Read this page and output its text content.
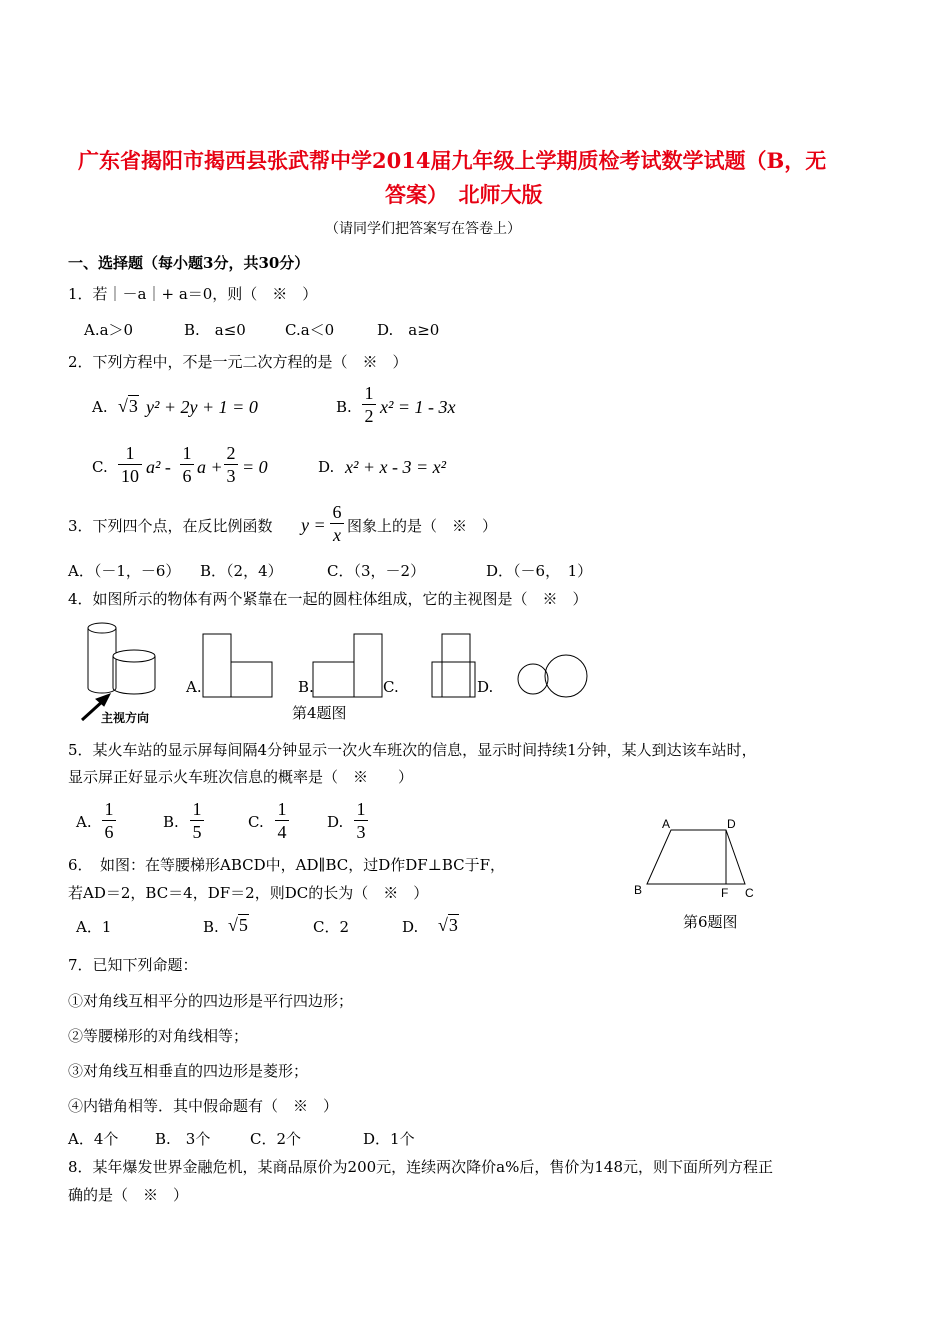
广东省揭阳市揭西县张武帮中学2014届九年级上学期质检考试数学试题（B，无
答案）　北师大版
（请同学们把答案写在答卷上）
一、选择题（每小题3分，共30分）
1．若｜－a｜+ a＝0，则（　※　）
A.a＞0	B.　a≤0	C.a＜0	D.　a≥0
2．下列方程中，不是一元二次方程的是（　※　）
A. √3 y² + 2y + 1 = 0	B.
1
2 x² = 1 - 3x
C.
1
10 a² -
1
6 a +
2
3 = 0	D. x² + x - 3 = x²
3．下列四个点，在反比例函数 y =
6
x 图象上的是（　※　）
A．（－1，－6） B．（2，4）	C．（3，－2）	D．（－6，　1）
4．如图所示的物体有两个紧靠在一起的圆柱体组成，它的主视图是（　※　）
A.	B.	C.	D.
主视方向	第4题图
5．某火车站的显示屏每间隔4分钟显示一次火车班次的信息，显示时间持续1分钟，某人到达该车站时，
显示屏正好显示火车班次信息的概率是（　※　　）
A.
1
6	B.
1
5	C.
1
4	D.
1
3
6．　如图：在等腰梯形ABCD中，AD∥BC，过D作DF⊥BC于F，
若AD＝2，BC＝4，DF＝2，则DC的长为（　※　）
A．1	B. √5	C．2	D. √3
A	D
B	F C
第6题图
7．已知下列命题：
①对角线互相平分的四边形是平行四边形；
②等腰梯形的对角线相等；
③对角线互相垂直的四边形是菱形；
④内错角相等．其中假命题有（　※　）
A．4个 B.　3个	C．2个	D．1个
8．某年爆发世界金融危机，某商品原价为200元，连续两次降价a%后，售价为148元，则下面所列方程正
确的是（　※　）
